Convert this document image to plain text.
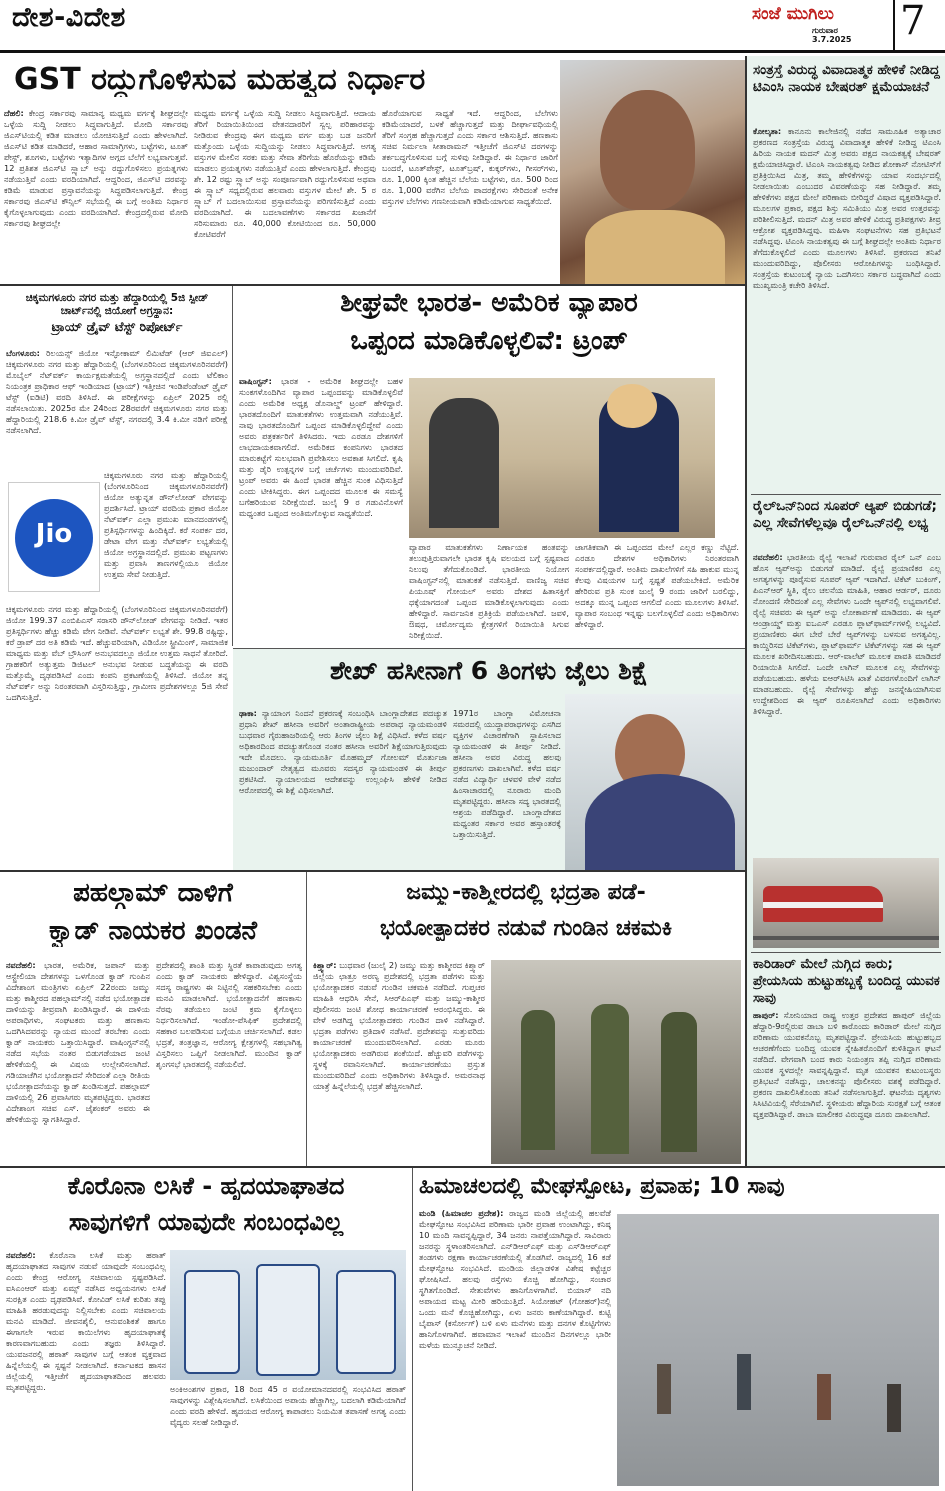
ದೇಶ-ವಿದೇಶ	ಸಂಜೆ ಮುಗಿಲು
ಗುರುವಾರ
3.7.2025 7
GST ರದ್ದುಗೊಳಿಸುವ ಮಹತ್ವದ ನಿರ್ಧಾರ
ದೆಹಲಿ: ಕೇಂದ್ರ ಸರ್ಕಾರವು ಸಾಮಾನ್ಯ ಮಧ್ಯಮ ವರ್ಗಕ್ಕೆ ಶೀಘ್ರದಲ್ಲೇ ಒಳ್ಳೆಯ ಸುದ್ದಿ ನೀಡಲು ಸಿದ್ಧವಾಗುತ್ತಿದೆ. ಮೋದಿ ಸರ್ಕಾರವು ಜಿಎಸ್‌ಟಿಯಲ್ಲಿ ಕಡಿತ ಮಾಡಲು ಯೋಚಿಸುತ್ತಿದೆ ಎಂದು ಹೇಳಲಾಗಿದೆ. ಜಿಎಸ್‌ಟಿ ಕಡಿತ ಮಾಡಿದರೆ, ಆಹಾರ ಸಾಮಾಗ್ರಿಗಳು, ಬಟ್ಟೆಗಳು, ಟೂತ್ ಪೇಸ್ಟ್, ಶೂಗಳು, ಬಟ್ಟೆಗಳು ಇತ್ಯಾದಿಗಳ ಅಗ್ಗದ ಬೆಲೆಗೆ ಲಭ್ಯವಾಗುತ್ತವೆ. 12 ಪ್ರತಿಶತ ಜಿಎಸ್‌ಟಿ ಸ್ಲ್ಯಾಬ್ ಅನ್ನು ರದ್ದುಗೊಳಿಸಲು ಪ್ರಯತ್ನಗಳು ನಡೆಯುತ್ತಿವೆ ಎಂದು ವರದಿಯಾಗಿದೆ. ಆದ್ದರಿಂದ, ಜಿಎಸ್‌ಟಿ ದರವನ್ನು ಕಡಿಮೆ ಮಾಡುವ ಪ್ರಸ್ತಾವನೆಯನ್ನು ಸಿದ್ಧಪಡಿಸಲಾಗುತ್ತಿದೆ. ಕೇಂದ್ರ ಸರ್ಕಾರವು ಜಿಎಸ್‌ಟಿ ಕೌನ್ಸಿಲ್ ಸಭೆಯಲ್ಲಿ ಈ ಬಗ್ಗೆ ಅಂತಿಮ ನಿರ್ಧಾರ ಕೈಗೊಳ್ಳಲಾಗುವುದು ಎಂದು ವರದಿಯಾಗಿದೆ. ಕೇಂದ್ರದಲ್ಲಿರುವ ಮೋದಿ ಸರ್ಕಾರವು ಶೀಘ್ರದಲ್ಲೇ
ಮಧ್ಯಮ ವರ್ಗಕ್ಕೆ ಒಳ್ಳೆಯ ಸುದ್ದಿ ನೀಡಲು ಸಿದ್ಧವಾಗುತ್ತಿದೆ. ಆದಾಯ ತೆರಿಗೆ ರಿಯಾಯಿತಿಯಿಂದ ವೇತನದಾರರಿಗೆ ಸ್ವಲ್ಪ ಪರಿಹಾರವನ್ನು ನೀಡಿರುವ ಕೇಂದ್ರವು ಈಗ ಮಧ್ಯಮ ವರ್ಗ ಮತ್ತು ಬಡ ಜನರಿಗೆ ಮತ್ತೊಂದು ಒಳ್ಳೆಯ ಸುದ್ದಿಯನ್ನು ನೀಡಲು ಸಿದ್ಧವಾಗುತ್ತಿದೆ. ಅಗತ್ಯ ವಸ್ತುಗಳ ಮೇಲಿನ ಸರಕು ಮತ್ತು ಸೇವಾ ತೆರಿಗೆಯ ಹೊರೆಯನ್ನು ಕಡಿಮೆ ಮಾಡಲು ಪ್ರಯತ್ನಗಳು ನಡೆಯುತ್ತಿವೆ ಎಂದು ಹೇಳಲಾಗುತ್ತಿದೆ. ಕೇಂದ್ರವು ಶೇ. 12 ರಷ್ಟು ಸ್ಲ್ಯಾಬ್ ಅನ್ನು ಸಂಪೂರ್ಣವಾಗಿ ರದ್ದುಗೊಳಿಸುವ ಅಥವಾ ಈ ಸ್ಲ್ಯಾಬ್ ಸಧ್ಯದಲ್ಲಿರುವ ಹಲವಾರು ವಸ್ತುಗಳ ಮೇಲೆ ಶೇ. 5 ರ ಸ್ಲ್ಯಾಬ್ ಗೆ ಬದಲಾಯಿಸುವ ಪ್ರಸ್ತಾವನೆಯನ್ನು ಪರಿಗಣಿಸುತ್ತಿದೆ ಎಂದು ವರದಿಯಾಗಿದೆ. ಈ ಬದಲಾವಣೆಗಳು ಸರ್ಕಾರದ ಖಜಾನೆಗೆ ಸರಿಸುಮಾರು ರೂ. 40,000 ಕೋಟಿಯಿಂದ ರೂ. 50,000 ಕೋಟಿವರೆಗೆ
ಹೊರೆಯಾಗುವ ಸಾಧ್ಯತೆ ಇದೆ. ಆದ್ದರಿಂದ, ಬೆಲೆಗಳು ಕಡಿಮೆಯಾದರೆ, ಬಳಕೆ ಹೆಚ್ಚಾಗುತ್ತದೆ ಮತ್ತು ದೀರ್ಘಾವಧಿಯಲ್ಲಿ ತೆರಿಗೆ ಸಂಗ್ರಹ ಹೆಚ್ಚಾಗುತ್ತದೆ ಎಂದು ಸರ್ಕಾರ ಆಶಿಸುತ್ತಿದೆ. ಹಣಕಾಸು ಸಚಿವ ನಿರ್ಮಲಾ ಸೀತಾರಾಮನ್ ಇತ್ತೀಚೆಗೆ ಜಿಎಸ್‌ಟಿ ದರಗಳನ್ನು ತರ್ಕಬದ್ಧಗೊಳಿಸುವ ಬಗ್ಗೆ ಸುಳಿವು ನೀಡಿದ್ದಾರೆ. ಈ ನಿರ್ಧಾರ ಜಾರಿಗೆ ಬಂದರೆ, ಟೂತ್‌ಪೇಸ್ಟ್, ಟೂತ್‌ಬ್ರಷ್, ಕುಕ್ಕರ್‌ಗಳು, ಗೀಸರ್‌ಗಳು, ರೂ. 1,000 ಕ್ಕಿಂತ ಹೆಚ್ಚಿನ ಬೆಲೆಯ ಬಟ್ಟೆಗಳು, ರೂ. 500 ರಿಂದ ರೂ. 1,000 ವರೆಗಿನ ಬೆಲೆಯ ಪಾದರಕ್ಷೆಗಳು ಸೇರಿದಂತೆ ಅನೇಕ ವಸ್ತುಗಳ ಬೆಲೆಗಳು ಗಣನೀಯವಾಗಿ ಕಡಿಮೆಯಾಗುವ ಸಾಧ್ಯತೆಯಿದೆ.
ಸಂತ್ರಸ್ತೆ ವಿರುದ್ಧ ವಿವಾದಾತ್ಮಕ ಹೇಳಿಕೆ ನೀಡಿದ್ದ ಟಿಎಂಸಿ ನಾಯಕ ಬೇಷರತ್ ಕ್ಷಮೆಯಾಚನೆ
ಕೋಲ್ಕತಾ: ಕಾನೂನು ಕಾಲೇಜಿನಲ್ಲಿ ನಡೆದ ಸಾಮೂಹಿಕ ಅತ್ಯಾಚಾರ ಪ್ರಕರಣದ ಸಂತ್ರಸ್ತೆಯ ವಿರುದ್ಧ ವಿವಾದಾತ್ಮಕ ಹೇಳಿಕೆ ನೀಡಿದ್ದ ಟಿಎಂಸಿ ಹಿರಿಯ ನಾಯಕ ಮದನ್ ಮಿತ್ರ ಅವರು ಪಕ್ಷದ ನಾಯಕತ್ವಕ್ಕೆ ಬೇಷರತ್ ಕ್ಷಮೆಯಾಚಿಸಿದ್ದಾರೆ. ಟಿಎಂಸಿ ನಾಯಕತ್ವವು ನೀಡಿದ ಶೋಕಾಸ್ ನೋಟಿಸ್‌ಗೆ ಪ್ರತಿಕ್ರಿಯಿಸಿದ ಮಿತ್ರ, ತಮ್ಮ ಹೇಳಿಕೆಗಳನ್ನು ಯಾವ ಸಂದರ್ಭದಲ್ಲಿ ನೀಡಲಾಯಿತು ಎಂಬುದರ ವಿವರಣೆಯನ್ನು ಸಹ ನೀಡಿದ್ದಾರೆ. ತಮ್ಮ ಹೇಳಿಕೆಗಳು ಪಕ್ಷದ ಮೇಲೆ ಪರಿಣಾಮ ಬೀರಿದ್ದರೆ ವಿಷಾದ ವ್ಯಕ್ತಪಡಿಸಿದ್ದಾರೆ. ಮೂಲಗಳ ಪ್ರಕಾರ, ಪಕ್ಷದ ಶಿಸ್ತು ಸಮಿತಿಯು ಮಿತ್ರ ಅವರ ಉತ್ತರವನ್ನು ಪರಿಶೀಲಿಸುತ್ತಿದೆ. ಮದನ್ ಮಿತ್ರ ಅವರ ಹೇಳಿಕೆ ವಿರುದ್ಧ ಪ್ರತಿಪಕ್ಷಗಳು ತೀವ್ರ ಆಕ್ರೋಶ ವ್ಯಕ್ತಪಡಿಸಿದ್ದವು. ಮಹಿಳಾ ಸಂಘಟನೆಗಳು ಸಹ ಪ್ರತಿಭಟನೆ ನಡೆಸಿದ್ದವು. ಟಿಎಂಸಿ ನಾಯಕತ್ವವು ಈ ಬಗ್ಗೆ ಶೀಘ್ರದಲ್ಲೇ ಅಂತಿಮ ನಿರ್ಧಾರ ತೆಗೆದುಕೊಳ್ಳಲಿದೆ ಎಂದು ಮೂಲಗಳು ತಿಳಿಸಿವೆ. ಪ್ರಕರಣದ ತನಿಖೆ ಮುಂದುವರಿದಿದ್ದು, ಪೊಲೀಸರು ಆರೋಪಿಗಳನ್ನು ಬಂಧಿಸಿದ್ದಾರೆ. ಸಂತ್ರಸ್ತೆಯ ಕುಟುಂಬಕ್ಕೆ ನ್ಯಾಯ ಒದಗಿಸಲು ಸರ್ಕಾರ ಬದ್ಧವಾಗಿದೆ ಎಂದು ಮುಖ್ಯಮಂತ್ರಿ ಕಚೇರಿ ತಿಳಿಸಿದೆ.
ರೈಲ್‌ಒನ್‌ನಿಂದ ಸೂಪರ್ ಆ್ಯಪ್ ಬಿಡುಗಡೆ; ಎಲ್ಲ ಸೇವೆಗಳೆಲ್ಲವೂ ರೈಲ್‌ಒನ್‌ನಲ್ಲಿ ಲಭ್ಯ
ನವದೆಹಲಿ: ಭಾರತೀಯ ರೈಲ್ವೆ ಇಲಾಖೆ ಗುರುವಾರ ರೈಲ್ ಒನ್ ಎಂಬ ಹೊಸ ಆ್ಯಪ್‌ಅನ್ನು ಬಿಡುಗಡೆ ಮಾಡಿದೆ. ರೈಲ್ವೆ ಪ್ರಯಾಣಿಕರ ಎಲ್ಲ ಅಗತ್ಯಗಳನ್ನು ಪೂರೈಸುವ ಸೂಪರ್ ಆ್ಯಪ್ ಇದಾಗಿದೆ. ಟಿಕೆಟ್ ಬುಕಿಂಗ್, ಪಿಎನ್‌ಆರ್ ಸ್ಥಿತಿ, ರೈಲು ಚಲನೆಯ ಮಾಹಿತಿ, ಆಹಾರ ಆರ್ಡರ್, ದೂರು ನೋಂದಣಿ ಸೇರಿದಂತೆ ಎಲ್ಲ ಸೇವೆಗಳು ಒಂದೇ ಆ್ಯಪ್‌ನಲ್ಲಿ ಲಭ್ಯವಾಗಲಿವೆ. ರೈಲ್ವೆ ಸಚಿವರು ಈ ಆ್ಯಪ್ ಅನ್ನು ಲೋಕಾರ್ಪಣೆ ಮಾಡಿದರು. ಈ ಆ್ಯಪ್ ಆಂಡ್ರಾಯ್ಡ್ ಮತ್ತು ಐಒಎಸ್ ಎರಡೂ ಪ್ಲಾಟ್‌ಫಾರ್ಮ್‌ಗಳಲ್ಲಿ ಲಭ್ಯವಿದೆ. ಪ್ರಯಾಣಿಕರು ಈಗ ಬೇರೆ ಬೇರೆ ಆ್ಯಪ್‌ಗಳನ್ನು ಬಳಸುವ ಅಗತ್ಯವಿಲ್ಲ. ಕಾಯ್ದಿರಿಸದ ಟಿಕೆಟ್‌ಗಳು, ಪ್ಲಾಟ್‌ಫಾರ್ಮ್ ಟಿಕೆಟ್‌ಗಳನ್ನು ಸಹ ಈ ಆ್ಯಪ್ ಮೂಲಕ ಖರೀದಿಸಬಹುದು. ಆರ್-ವಾಲೆಟ್ ಮೂಲಕ ಪಾವತಿ ಮಾಡಿದರೆ ರಿಯಾಯಿತಿ ಸಿಗಲಿದೆ. ಒಂದೇ ಲಾಗಿನ್ ಮೂಲಕ ಎಲ್ಲ ಸೇವೆಗಳನ್ನು ಪಡೆಯಬಹುದು. ಹಳೆಯ ಐಆರ್‌ಸಿಟಿಸಿ ಖಾತೆ ವಿವರಗಳೊಂದಿಗೆ ಲಾಗಿನ್ ಮಾಡಬಹುದು. ರೈಲ್ವೆ ಸೇವೆಗಳನ್ನು ಹೆಚ್ಚು ಜನಸ್ನೇಹಿಯಾಗಿಸುವ ಉದ್ದೇಶದಿಂದ ಈ ಆ್ಯಪ್ ರೂಪಿಸಲಾಗಿದೆ ಎಂದು ಅಧಿಕಾರಿಗಳು ತಿಳಿಸಿದ್ದಾರೆ.
ಕಾರಿಡಾರ್ ಮೇಲೆ ನುಗ್ಗಿದ ಕಾರು; ಪ್ರೇಯಸಿಯ ಹುಟ್ಟುಹಬ್ಬಕ್ಕೆ ಬಂದಿದ್ದ ಯುವಕ ಸಾವು
ಹಾಪುರ್: ಸೋನಿಯಾದ ರಾಷ್ಟ್ರ ಉತ್ತರ ಪ್ರದೇಶದ ಹಾಪುರ್ ಜಿಲ್ಲೆಯ ಹೆದ್ದಾರಿ-9ರಲ್ಲಿರುವ ಡಾಬಾ ಬಳಿ ಕಾರೊಂದು ಕಾರಿಡಾರ್ ಮೇಲೆ ನುಗ್ಗಿದ ಪರಿಣಾಮ ಯುವಕನೊಬ್ಬ ಮೃತಪಟ್ಟಿದ್ದಾನೆ. ಪ್ರೇಯಸಿಯ ಹುಟ್ಟುಹಬ್ಬದ ಆಚರಣೆಗೆಂದು ಬಂದಿದ್ದ ಯುವಕ ಸ್ನೇಹಿತರೊಂದಿಗೆ ಕುಳಿತಿದ್ದಾಗ ಘಟನೆ ನಡೆದಿದೆ. ವೇಗವಾಗಿ ಬಂದ ಕಾರು ನಿಯಂತ್ರಣ ತಪ್ಪಿ ನುಗ್ಗಿದ ಪರಿಣಾಮ ಯುವಕ ಸ್ಥಳದಲ್ಲೇ ಸಾವನ್ನಪ್ಪಿದ್ದಾನೆ. ಮೃತ ಯುವಕನ ಕುಟುಂಬಸ್ಥರು ಪ್ರತಿಭಟನೆ ನಡೆಸಿದ್ದು, ಚಾಲಕನನ್ನು ಪೊಲೀಸರು ವಶಕ್ಕೆ ಪಡೆದಿದ್ದಾರೆ. ಪ್ರಕರಣ ದಾಖಲಿಸಿಕೊಂಡು ತನಿಖೆ ನಡೆಸಲಾಗುತ್ತಿದೆ. ಘಟನೆಯ ದೃಶ್ಯಗಳು ಸಿಸಿಟಿವಿಯಲ್ಲಿ ಸೆರೆಯಾಗಿವೆ. ಸ್ಥಳೀಯರು ಹೆದ್ದಾರಿಯ ಸುರಕ್ಷತೆ ಬಗ್ಗೆ ಆತಂಕ ವ್ಯಕ್ತಪಡಿಸಿದ್ದಾರೆ. ಡಾಬಾ ಮಾಲೀಕರ ವಿರುದ್ಧವೂ ದೂರು ದಾಖಲಾಗಿದೆ.
ಚಿಕ್ಕಮಗಳೂರು ನಗರ ಮತ್ತು ಹೆದ್ದಾರಿಯಲ್ಲಿ 5ಜಿ ಸ್ಪೀಡ್ ಚಾರ್ಟ್‌ನಲ್ಲಿ ಜಿಯೋಗೆ ಅಗ್ರಸ್ಥಾನ:
ಟ್ರಾಯ್ ಡ್ರೈವ್ ಟೆಸ್ಟ್ ರಿಪೋರ್ಟ್
ಬೆಂಗಳೂರು: ರಿಲಯನ್ಸ್ ಜಿಯೋ ಇನ್ಫೋಕಾಮ್ ಲಿಮಿಟೆಡ್ (ಆರ್ ಜಿಐಎಲ್) ಚಿಕ್ಕಮಗಳೂರು ನಗರ ಮತ್ತು ಹೆದ್ದಾರಿಯಲ್ಲಿ (ಬೆಂಗಳೂರಿನಿಂದ ಚಿಕ್ಕಮಗಳೂರಿನವರೆಗೆ) ಮೊಬೈಲ್ ನೆಟ್‌ವರ್ಕ್ ಕಾರ್ಯಕ್ಷಮತೆಯಲ್ಲಿ ಅಗ್ರಸ್ಥಾನದಲ್ಲಿದೆ ಎಂದು ಟೆಲಿಕಾಂ ನಿಯಂತ್ರಕ ಪ್ರಾಧಿಕಾರ ಆಫ್ ಇಂಡಿಯಾದ (ಟ್ರಾಯ್) ಇತ್ತೀಚಿನ ಇಂಡಿಪೆಂಡೆಂಟ್ ಡ್ರೈವ್ ಟೆಸ್ಟ್ (ಐಡಿಟಿ) ವರದಿ ತಿಳಿಸಿದೆ. ಈ ಪರೀಕ್ಷೆಗಳನ್ನು ಏಪ್ರಿಲ್ 2025 ರಲ್ಲಿ ನಡೆಸಲಾಯಿತು. 2025ರ ಮೇ 24ರಿಂದ 28ರವರೆಗೆ ಚಿಕ್ಕಮಗಳೂರು ನಗರ ಮತ್ತು ಹೆದ್ದಾರಿಯಲ್ಲಿ 218.6 ಕಿ.ಮೀ ಡ್ರೈವ್ ಟೆಸ್ಟ್, ನಗರದಲ್ಲಿ 3.4 ಕಿ.ಮೀ ನಡಿಗೆ ಪರೀಕ್ಷೆ ನಡೆಸಲಾಗಿದೆ.
Jio
ಚಿಕ್ಕಮಗಳೂರು ನಗರ ಮತ್ತು ಹೆದ್ದಾರಿಯಲ್ಲಿ (ಬೆಂಗಳೂರಿನಿಂದ ಚಿಕ್ಕಮಗಳೂರಿನವರೆಗೆ) ಜಿಯೋ ಅತ್ಯುನ್ನತ ಡೌನ್‌ಲೋಡ್ ವೇಗವನ್ನು ಪ್ರದರ್ಶಿಸಿದೆ. ಟ್ರಾಯ್ ವರದಿಯ ಪ್ರಕಾರ ಜಿಯೋ ನೆಟ್‌ವರ್ಕ್ ಎಲ್ಲಾ ಪ್ರಮುಖ ಮಾನದಂಡಗಳಲ್ಲಿ ಪ್ರತಿಸ್ಪರ್ಧಿಗಳನ್ನು ಹಿಂದಿಕ್ಕಿದೆ. ಕರೆ ಸಂಪರ್ಕ ದರ, ಡೇಟಾ ವೇಗ ಮತ್ತು ನೆಟ್‌ವರ್ಕ್ ಲಭ್ಯತೆಯಲ್ಲಿ ಜಿಯೋ ಅಗ್ರಸ್ಥಾನದಲ್ಲಿದೆ. ಪ್ರಮುಖ ಪಟ್ಟಣಗಳು ಮತ್ತು ಪ್ರವಾಸಿ ತಾಣಗಳಲ್ಲಿಯೂ ಜಿಯೋ ಉತ್ತಮ ಸೇವೆ ನೀಡುತ್ತಿದೆ.
ಚಿಕ್ಕಮಗಳೂರು ನಗರ ಮತ್ತು ಹೆದ್ದಾರಿಯಲ್ಲಿ (ಬೆಂಗಳೂರಿನಿಂದ ಚಿಕ್ಕಮಗಳೂರಿನವರೆಗೆ) ಜಿಯೋ 199.37 ಎಂಬಿಪಿಎಸ್ ಸರಾಸರಿ ಡೌನ್‌ಲೋಡ್ ವೇಗವನ್ನು ನೀಡಿದೆ. ಇತರ ಪ್ರತಿಸ್ಪರ್ಧಿಗಳು ಹೆಚ್ಚು ಕಡಿಮೆ ವೇಗ ನೀಡಿವೆ. ನೆಟ್‌ವರ್ಕ್ ಲಭ್ಯತೆ ಶೇ. 99.8 ರಷ್ಟಿದ್ದು, ಕರೆ ಡ್ರಾಪ್ ದರ ಅತಿ ಕಡಿಮೆ ಇದೆ. ಹೆಚ್ಚುವರಿಯಾಗಿ, ವಿಡಿಯೋ ಸ್ಟ್ರೀಮಿಂಗ್, ಸಾಮಾಜಿಕ ಮಾಧ್ಯಮ ಮತ್ತು ವೆಬ್ ಬ್ರೌಸಿಂಗ್ ಅನುಭವದಲ್ಲೂ ಜಿಯೋ ಉತ್ತಮ ಸಾಧನೆ ತೋರಿದೆ. ಗ್ರಾಹಕರಿಗೆ ಅತ್ಯುತ್ತಮ ಡಿಜಿಟಲ್ ಅನುಭವ ನೀಡುವ ಬದ್ಧತೆಯನ್ನು ಈ ವರದಿ ಮತ್ತೊಮ್ಮೆ ದೃಢಪಡಿಸಿದೆ ಎಂದು ಕಂಪನಿ ಪ್ರಕಟಣೆಯಲ್ಲಿ ತಿಳಿಸಿದೆ. ಜಿಯೋ ತನ್ನ ನೆಟ್‌ವರ್ಕ್ ಅನ್ನು ನಿರಂತರವಾಗಿ ವಿಸ್ತರಿಸುತ್ತಿದ್ದು, ಗ್ರಾಮೀಣ ಪ್ರದೇಶಗಳಲ್ಲೂ 5ಜಿ ಸೇವೆ ಒದಗಿಸುತ್ತಿದೆ.
ಶೀಘ್ರವೇ ಭಾರತ- ಅಮೆರಿಕ ವ್ಯಾಪಾರ
ಒಪ್ಪಂದ ಮಾಡಿಕೊಳ್ಳಲಿವೆ: ಟ್ರಂಪ್
ವಾಷಿಂಗ್ಟನ್: ಭಾರತ - ಅಮೆರಿಕ ಶೀಘ್ರದಲ್ಲೇ ಬಹಳ ಸುಂಕಗಳೊಂದಿಗಿನ ವ್ಯಾಪಾರ ಒಪ್ಪಂದವನ್ನು ಮಾಡಿಕೊಳ್ಳಲಿವೆ ಎಂದು ಅಮೆರಿಕ ಅಧ್ಯಕ್ಷ ಡೊನಾಲ್ಡ್ ಟ್ರಂಪ್ ಹೇಳಿದ್ದಾರೆ. ಭಾರತದೊಂದಿಗೆ ಮಾತುಕತೆಗಳು ಉತ್ತಮವಾಗಿ ನಡೆಯುತ್ತಿವೆ. ನಾವು ಭಾರತದೊಂದಿಗೆ ಒಪ್ಪಂದ ಮಾಡಿಕೊಳ್ಳಲಿದ್ದೇವೆ ಎಂದು ಅವರು ಪತ್ರಕರ್ತರಿಗೆ ತಿಳಿಸಿದರು. ಇದು ಎರಡೂ ದೇಶಗಳಿಗೆ ಲಾಭದಾಯಕವಾಗಲಿದೆ. ಅಮೆರಿಕದ ಕಂಪನಿಗಳು ಭಾರತದ ಮಾರುಕಟ್ಟೆಗೆ ಸುಲಭವಾಗಿ ಪ್ರವೇಶಿಸಲು ಅವಕಾಶ ಸಿಗಲಿದೆ. ಕೃಷಿ ಮತ್ತು ಡೈರಿ ಉತ್ಪನ್ನಗಳ ಬಗ್ಗೆ ಚರ್ಚೆಗಳು ಮುಂದುವರಿದಿವೆ. ಟ್ರಂಪ್ ಅವರು ಈ ಹಿಂದೆ ಭಾರತ ಹೆಚ್ಚಿನ ಸುಂಕ ವಿಧಿಸುತ್ತಿದೆ ಎಂದು ಟೀಕಿಸಿದ್ದರು. ಈಗ ಒಪ್ಪಂದದ ಮೂಲಕ ಈ ಸಮಸ್ಯೆ ಬಗೆಹರಿಯುವ ನಿರೀಕ್ಷೆಯಿದೆ. ಜುಲೈ 9 ರ ಗಡುವಿನೊಳಗೆ ಮಧ್ಯಂತರ ಒಪ್ಪಂದ ಅಂತಿಮಗೊಳ್ಳುವ ಸಾಧ್ಯತೆಯಿದೆ.
ವ್ಯಾಪಾರ ಮಾತುಕತೆಗಳು ನಿರ್ಣಾಯಕ ಹಂತವನ್ನು ತಲುಪುತ್ತಿರುವಾಗಲೇ ಭಾರತ ಕೃಷಿ ವಲಯದ ಬಗ್ಗೆ ಸ್ಪಷ್ಟವಾದ ನಿಲುವು ತೆಗೆದುಕೊಂಡಿದೆ. ಭಾರತೀಯ ನಿಯೋಗ ವಾಷಿಂಗ್ಟನ್‌ನಲ್ಲಿ ಮಾತುಕತೆ ನಡೆಸುತ್ತಿದೆ. ವಾಣಿಜ್ಯ ಸಚಿವ ಪಿಯೂಷ್ ಗೋಯಲ್ ಅವರು ದೇಶದ ಹಿತಾಸಕ್ತಿಗೆ ಧಕ್ಕೆಯಾಗದಂತೆ ಒಪ್ಪಂದ ಮಾಡಿಕೊಳ್ಳಲಾಗುವುದು ಎಂದು ಹೇಳಿದ್ದಾರೆ. ಸಾರ್ವಜನಿಕ ಪ್ರತಿಕ್ರಿಯೆ ಪಡೆಯಲಾಗಿದೆ. ಜವಳಿ, ಔಷಧ, ಚರ್ಮೋದ್ಯಮ ಕ್ಷೇತ್ರಗಳಿಗೆ ರಿಯಾಯಿತಿ ಸಿಗುವ ನಿರೀಕ್ಷೆಯಿದೆ.
ಜಾಗತಿಕವಾಗಿ ಈ ಒಪ್ಪಂದದ ಮೇಲೆ ಎಲ್ಲರ ಕಣ್ಣು ನೆಟ್ಟಿದೆ. ಎರಡೂ ದೇಶಗಳ ಅಧಿಕಾರಿಗಳು ನಿರಂತರವಾಗಿ ಸಂಪರ್ಕದಲ್ಲಿದ್ದಾರೆ. ಅಂತಿಮ ದಾಖಲೆಗಳಿಗೆ ಸಹಿ ಹಾಕುವ ಮುನ್ನ ಕೆಲವು ವಿಷಯಗಳ ಬಗ್ಗೆ ಸ್ಪಷ್ಟತೆ ಪಡೆಯಬೇಕಿದೆ. ಅಮೆರಿಕ ಹೇರಿರುವ ಪ್ರತಿ ಸುಂಕ ಜುಲೈ 9 ರಂದು ಜಾರಿಗೆ ಬರಲಿದ್ದು, ಅದಕ್ಕೂ ಮುನ್ನ ಒಪ್ಪಂದ ಆಗಲಿದೆ ಎಂದು ಮೂಲಗಳು ತಿಳಿಸಿವೆ. ವ್ಯಾಪಾರ ಸಂಬಂಧ ಇನ್ನಷ್ಟು ಬಲಗೊಳ್ಳಲಿದೆ ಎಂದು ಅಧಿಕಾರಿಗಳು ಹೇಳಿದ್ದಾರೆ.
ಶೇಖ್ ಹಸೀನಾಗೆ 6 ತಿಂಗಳು ಜೈಲು ಶಿಕ್ಷೆ
ಢಾಕಾ: ನ್ಯಾಯಾಂಗ ನಿಂದನೆ ಪ್ರಕರಣಕ್ಕೆ ಸಂಬಂಧಿಸಿ ಬಾಂಗ್ಲಾದೇಶದ ಪದಚ್ಯುತ ಪ್ರಧಾನಿ ಶೇಖ್ ಹಸೀನಾ ಅವರಿಗೆ ಅಂತಾರಾಷ್ಟ್ರೀಯ ಅಪರಾಧ ನ್ಯಾಯಮಂಡಳಿ ಬುಧವಾರ ಗೈರುಹಾಜರಿಯಲ್ಲಿ ಆರು ತಿಂಗಳ ಜೈಲು ಶಿಕ್ಷೆ ವಿಧಿಸಿದೆ. ಕಳೆದ ವರ್ಷ ಅಧಿಕಾರದಿಂದ ಪದಚ್ಯುತಗೊಂಡ ನಂತರ ಹಸೀನಾ ಅವರಿಗೆ ಶಿಕ್ಷೆಯಾಗುತ್ತಿರುವುದು ಇದೇ ಮೊದಲು. ನ್ಯಾಯಮೂರ್ತಿ ಮೊಹಮ್ಮದ್ ಗೋಲಮ್ ಮೊರ್ತುಜಾ ಮಜುಂದಾರ್ ನೇತೃತ್ವದ ಮೂವರು ಸದಸ್ಯರ ನ್ಯಾಯಮಂಡಳಿ ಈ ತೀರ್ಪು ಪ್ರಕಟಿಸಿದೆ. ನ್ಯಾಯಾಲಯದ ಆದೇಶವನ್ನು ಉಲ್ಲಂಘಿಸಿ ಹೇಳಿಕೆ ನೀಡಿದ ಆರೋಪದಲ್ಲಿ ಈ ಶಿಕ್ಷೆ ವಿಧಿಸಲಾಗಿದೆ.
1971ರ ಬಾಂಗ್ಲಾ ವಿಮೋಚನಾ ಸಮರದಲ್ಲಿ ಯುದ್ಧಾಪರಾಧಗಳನ್ನು ಎಸಗಿದ ವ್ಯಕ್ತಿಗಳ ವಿಚಾರಣೆಗಾಗಿ ಸ್ಥಾಪಿಸಲಾದ ನ್ಯಾಯಮಂಡಳಿ ಈ ತೀರ್ಪು ನೀಡಿದೆ. ಹಸೀನಾ ಅವರ ವಿರುದ್ಧ ಹಲವು ಪ್ರಕರಣಗಳು ದಾಖಲಾಗಿವೆ. ಕಳೆದ ವರ್ಷ ನಡೆದ ವಿದ್ಯಾರ್ಥಿ ಚಳವಳಿ ವೇಳೆ ನಡೆದ ಹಿಂಸಾಚಾರದಲ್ಲಿ ನೂರಾರು ಮಂದಿ ಮೃತಪಟ್ಟಿದ್ದರು. ಹಸೀನಾ ಸದ್ಯ ಭಾರತದಲ್ಲಿ ಆಶ್ರಯ ಪಡೆದಿದ್ದಾರೆ. ಬಾಂಗ್ಲಾದೇಶದ ಮಧ್ಯಂತರ ಸರ್ಕಾರ ಅವರ ಹಸ್ತಾಂತರಕ್ಕೆ ಒತ್ತಾಯಿಸುತ್ತಿದೆ.
ಪಹಲ್ಗಾಮ್ ದಾಳಿಗೆ
ಕ್ವಾಡ್ ನಾಯಕರ ಖಂಡನೆ
ನವದೆಹಲಿ: ಭಾರತ, ಅಮೆರಿಕ, ಜಪಾನ್ ಮತ್ತು ಆಸ್ಟ್ರೇಲಿಯಾ ದೇಶಗಳನ್ನು ಒಳಗೊಂಡ ಕ್ವಾಡ್ ಗುಂಪಿನ ವಿದೇಶಾಂಗ ಮಂತ್ರಿಗಳು ಏಪ್ರಿಲ್ 22ರಂದು ಜಮ್ಮು ಮತ್ತು ಕಾಶ್ಮೀರದ ಪಹಲ್ಗಾಮ್‌ನಲ್ಲಿ ನಡೆದ ಭಯೋತ್ಪಾದಕ ದಾಳಿಯನ್ನು ತೀವ್ರವಾಗಿ ಖಂಡಿಸಿದ್ದಾರೆ. ಈ ದಾಳಿಯ ಅಪರಾಧಿಗಳು, ಸಂಘಟಕರು ಮತ್ತು ಹಣಕಾಸು ಒದಗಿಸಿದವರನ್ನು ನ್ಯಾಯದ ಮುಂದೆ ತರಬೇಕು ಎಂದು ಕ್ವಾಡ್ ನಾಯಕರು ಒತ್ತಾಯಿಸಿದ್ದಾರೆ. ವಾಷಿಂಗ್ಟನ್‌ನಲ್ಲಿ ನಡೆದ ಸಭೆಯ ನಂತರ ಬಿಡುಗಡೆಯಾದ ಜಂಟಿ ಹೇಳಿಕೆಯಲ್ಲಿ ಈ ವಿಷಯ ಉಲ್ಲೇಖಿಸಲಾಗಿದೆ. ಗಡಿಯಾಚೆಗಿನ ಭಯೋತ್ಪಾದನೆ ಸೇರಿದಂತೆ ಎಲ್ಲಾ ರೀತಿಯ ಭಯೋತ್ಪಾದನೆಯನ್ನು ಕ್ವಾಡ್ ಖಂಡಿಸುತ್ತದೆ. ಪಹಲ್ಗಾಮ್ ದಾಳಿಯಲ್ಲಿ 26 ಪ್ರವಾಸಿಗರು ಮೃತಪಟ್ಟಿದ್ದರು. ಭಾರತದ ವಿದೇಶಾಂಗ ಸಚಿವ ಎಸ್. ಜೈಶಂಕರ್ ಅವರು ಈ ಹೇಳಿಕೆಯನ್ನು ಸ್ವಾಗತಿಸಿದ್ದಾರೆ.
ಪ್ರದೇಶದಲ್ಲಿ ಶಾಂತಿ ಮತ್ತು ಸ್ಥಿರತೆ ಕಾಪಾಡುವುದು ಅಗತ್ಯ ಎಂದು ಕ್ವಾಡ್ ನಾಯಕರು ಹೇಳಿದ್ದಾರೆ. ವಿಶ್ವಸಂಸ್ಥೆಯ ಸದಸ್ಯ ರಾಷ್ಟ್ರಗಳು ಈ ನಿಟ್ಟಿನಲ್ಲಿ ಸಹಕರಿಸಬೇಕು ಎಂದು ಮನವಿ ಮಾಡಲಾಗಿದೆ. ಭಯೋತ್ಪಾದನೆಗೆ ಹಣಕಾಸು ನೆರವು ತಡೆಯಲು ಜಂಟಿ ಕ್ರಮ ಕೈಗೊಳ್ಳಲು ನಿರ್ಧರಿಸಲಾಗಿದೆ. ಇಂಡೋ-ಪೆಸಿಫಿಕ್ ಪ್ರದೇಶದಲ್ಲಿ ಸಹಕಾರ ಬಲಪಡಿಸುವ ಬಗ್ಗೆಯೂ ಚರ್ಚಿಸಲಾಗಿದೆ. ಕಡಲ ಭದ್ರತೆ, ತಂತ್ರಜ್ಞಾನ, ಆರೋಗ್ಯ ಕ್ಷೇತ್ರಗಳಲ್ಲಿ ಸಹಭಾಗಿತ್ವ ವಿಸ್ತರಿಸಲು ಒಪ್ಪಿಗೆ ನೀಡಲಾಗಿದೆ. ಮುಂದಿನ ಕ್ವಾಡ್ ಶೃಂಗಸಭೆ ಭಾರತದಲ್ಲಿ ನಡೆಯಲಿದೆ.
ಜಮ್ಮು-ಕಾಶ್ಮೀರದಲ್ಲಿ ಭದ್ರತಾ ಪಡೆ-
ಭಯೋತ್ಪಾದಕರ ನಡುವೆ ಗುಂಡಿನ ಚಕಮಕಿ
ಕಿಶ್ತ್ವಾರ್: ಬುಧವಾರ (ಜುಲೈ 2) ಜಮ್ಮು ಮತ್ತು ಕಾಶ್ಮೀರದ ಕಿಶ್ತ್ವಾರ್ ಜಿಲ್ಲೆಯ ಛಾತ್ರೂ ಅರಣ್ಯ ಪ್ರದೇಶದಲ್ಲಿ ಭದ್ರತಾ ಪಡೆಗಳು ಮತ್ತು ಭಯೋತ್ಪಾದಕರ ನಡುವೆ ಗುಂಡಿನ ಚಕಮಕಿ ನಡೆದಿದೆ. ಗುಪ್ತಚರ ಮಾಹಿತಿ ಆಧರಿಸಿ ಸೇನೆ, ಸಿಆರ್‌ಪಿಎಫ್ ಮತ್ತು ಜಮ್ಮು-ಕಾಶ್ಮೀರ ಪೊಲೀಸರು ಜಂಟಿ ಶೋಧ ಕಾರ್ಯಾಚರಣೆ ಆರಂಭಿಸಿದ್ದರು. ಈ ವೇಳೆ ಅಡಗಿದ್ದ ಭಯೋತ್ಪಾದಕರು ಗುಂಡಿನ ದಾಳಿ ನಡೆಸಿದ್ದಾರೆ. ಭದ್ರತಾ ಪಡೆಗಳು ಪ್ರತಿದಾಳಿ ನಡೆಸಿವೆ. ಪ್ರದೇಶವನ್ನು ಸುತ್ತುವರಿದು ಕಾರ್ಯಾಚರಣೆ ಮುಂದುವರಿಸಲಾಗಿದೆ. ಎರಡು ಮೂರು ಭಯೋತ್ಪಾದಕರು ಅಡಗಿರುವ ಶಂಕೆಯಿದೆ. ಹೆಚ್ಚುವರಿ ಪಡೆಗಳನ್ನು ಸ್ಥಳಕ್ಕೆ ರವಾನಿಸಲಾಗಿದೆ. ಕಾರ್ಯಾಚರಣೆಯು ಪ್ರಸ್ತುತ ಮುಂದುವರಿದಿದೆ ಎಂದು ಅಧಿಕಾರಿಗಳು ತಿಳಿಸಿದ್ದಾರೆ. ಅಮರನಾಥ ಯಾತ್ರೆ ಹಿನ್ನೆಲೆಯಲ್ಲಿ ಭದ್ರತೆ ಹೆಚ್ಚಿಸಲಾಗಿದೆ.
ಕೊರೊನಾ ಲಸಿಕೆ - ಹೃದಯಾಘಾತದ
ಸಾವುಗಳಿಗೆ ಯಾವುದೇ ಸಂಬಂಧವಿಲ್ಲ
ನವದೆಹಲಿ: ಕೊರೊನಾ ಲಸಿಕೆ ಮತ್ತು ಹಠಾತ್ ಹೃದಯಾಘಾತದ ಸಾವುಗಳ ನಡುವೆ ಯಾವುದೇ ಸಂಬಂಧವಿಲ್ಲ ಎಂದು ಕೇಂದ್ರ ಆರೋಗ್ಯ ಸಚಿವಾಲಯ ಸ್ಪಷ್ಟಪಡಿಸಿದೆ. ಐಸಿಎಂಆರ್ ಮತ್ತು ಏಮ್ಸ್ ನಡೆಸಿದ ಅಧ್ಯಯನಗಳು ಲಸಿಕೆ ಸುರಕ್ಷಿತ ಎಂದು ದೃಢಪಡಿಸಿವೆ. ಕೋವಿಡ್ ಲಸಿಕೆ ಕುರಿತು ತಪ್ಪು ಮಾಹಿತಿ ಹರಡುವುದನ್ನು ನಿಲ್ಲಿಸಬೇಕು ಎಂದು ಸಚಿವಾಲಯ ಮನವಿ ಮಾಡಿದೆ. ಜೀವನಶೈಲಿ, ಆನುವಂಶಿಕತೆ ಹಾಗೂ ಈಗಾಗಲೇ ಇರುವ ಕಾಯಿಲೆಗಳು ಹೃದಯಾಘಾತಕ್ಕೆ ಕಾರಣವಾಗಬಹುದು ಎಂದು ತಜ್ಞರು ತಿಳಿಸಿದ್ದಾರೆ. ಯುವಜನರಲ್ಲಿ ಹಠಾತ್ ಸಾವುಗಳ ಬಗ್ಗೆ ಆತಂಕ ವ್ಯಕ್ತವಾದ ಹಿನ್ನೆಲೆಯಲ್ಲಿ ಈ ಸ್ಪಷ್ಟನೆ ನೀಡಲಾಗಿದೆ. ಕರ್ನಾಟಕದ ಹಾಸನ ಜಿಲ್ಲೆಯಲ್ಲಿ ಇತ್ತೀಚೆಗೆ ಹೃದಯಾಘಾತದಿಂದ ಹಲವರು ಮೃತಪಟ್ಟಿದ್ದರು.	ಅಂಕಿಅಂಶಗಳ ಪ್ರಕಾರ, 18 ರಿಂದ 45 ರ ವಯೋಮಾನದವರಲ್ಲಿ ಸಂಭವಿಸಿದ ಹಠಾತ್ ಸಾವುಗಳನ್ನು ವಿಶ್ಲೇಷಿಸಲಾಗಿದೆ. ಲಸಿಕೆಯಿಂದ ಅಪಾಯ ಹೆಚ್ಚಾಗಿಲ್ಲ, ಬದಲಾಗಿ ಕಡಿಮೆಯಾಗಿದೆ ಎಂದು ವರದಿ ಹೇಳಿದೆ. ಹೃದಯದ ಆರೋಗ್ಯ ಕಾಪಾಡಲು ನಿಯಮಿತ ತಪಾಸಣೆ ಅಗತ್ಯ ಎಂದು ವೈದ್ಯರು ಸಲಹೆ ನೀಡಿದ್ದಾರೆ.
ಹಿಮಾಚಲದಲ್ಲಿ ಮೇಘಸ್ಫೋಟ, ಪ್ರವಾಹ; 10 ಸಾವು
ಮಂಡಿ (ಹಿಮಾಚಲ ಪ್ರದೇಶ): ರಾಜ್ಯದ ಮಂಡಿ ಜಿಲ್ಲೆಯಲ್ಲಿ ಹಲವೆಡೆ ಮೇಘಸ್ಫೋಟ ಸಂಭವಿಸಿದ ಪರಿಣಾಮ ಭಾರೀ ಪ್ರವಾಹ ಉಂಟಾಗಿದ್ದು, ಕನಿಷ್ಠ 10 ಮಂದಿ ಸಾವನ್ನಪ್ಪಿದ್ದಾರೆ, 34 ಜನರು ನಾಪತ್ತೆಯಾಗಿದ್ದಾರೆ. ಸಾವಿರಾರು ಜನರನ್ನು ಸ್ಥಳಾಂತರಿಸಲಾಗಿದೆ. ಎನ್‌ಡಿಆರ್‌ಎಫ್ ಮತ್ತು ಎಸ್‌ಡಿಆರ್‌ಎಫ್ ತಂಡಗಳು ರಕ್ಷಣಾ ಕಾರ್ಯಾಚರಣೆಯಲ್ಲಿ ತೊಡಗಿವೆ. ರಾಜ್ಯದಲ್ಲಿ 16 ಕಡೆ ಮೇಘಸ್ಫೋಟ ಸಂಭವಿಸಿದೆ. ಮಂಡಿಯ ಜಿಲ್ಲಾಡಳಿತ ವಿಶೇಷ ಕಟ್ಟೆಚ್ಚರ ಘೋಷಿಸಿದೆ. ಹಲವು ರಸ್ತೆಗಳು ಕೊಚ್ಚಿ ಹೋಗಿದ್ದು, ಸಂಚಾರ ಸ್ಥಗಿತಗೊಂಡಿದೆ. ಸೇತುವೆಗಳು ಹಾನಿಗೊಳಗಾಗಿವೆ. ಬಿಯಾಸ್ ನದಿ ಅಪಾಯದ ಮಟ್ಟ ಮೀರಿ ಹರಿಯುತ್ತಿದೆ. ಸಿಯೋಹಟ್ (ಗೋಹರ್)ನಲ್ಲಿ ಒಂದು ಮನೆ ಕೊಚ್ಚಿಹೋಗಿದ್ದು, ಏಳು ಜನರು ಕಾಣೆಯಾಗಿದ್ದಾರೆ. ಕುಟ್ಟಿ ಬೈಪಾಸ್ (ಕರ್ಸೋಗ್) ಬಳಿ ಏಳು ಮನೆಗಳು ಮತ್ತು ದನಗಳ ಕೊಟ್ಟಿಗೆಗಳು ಹಾನಿಗೊಳಗಾಗಿವೆ. ಹವಾಮಾನ ಇಲಾಖೆ ಮುಂದಿನ ದಿನಗಳಲ್ಲೂ ಭಾರೀ ಮಳೆಯ ಮುನ್ಸೂಚನೆ ನೀಡಿದೆ.
